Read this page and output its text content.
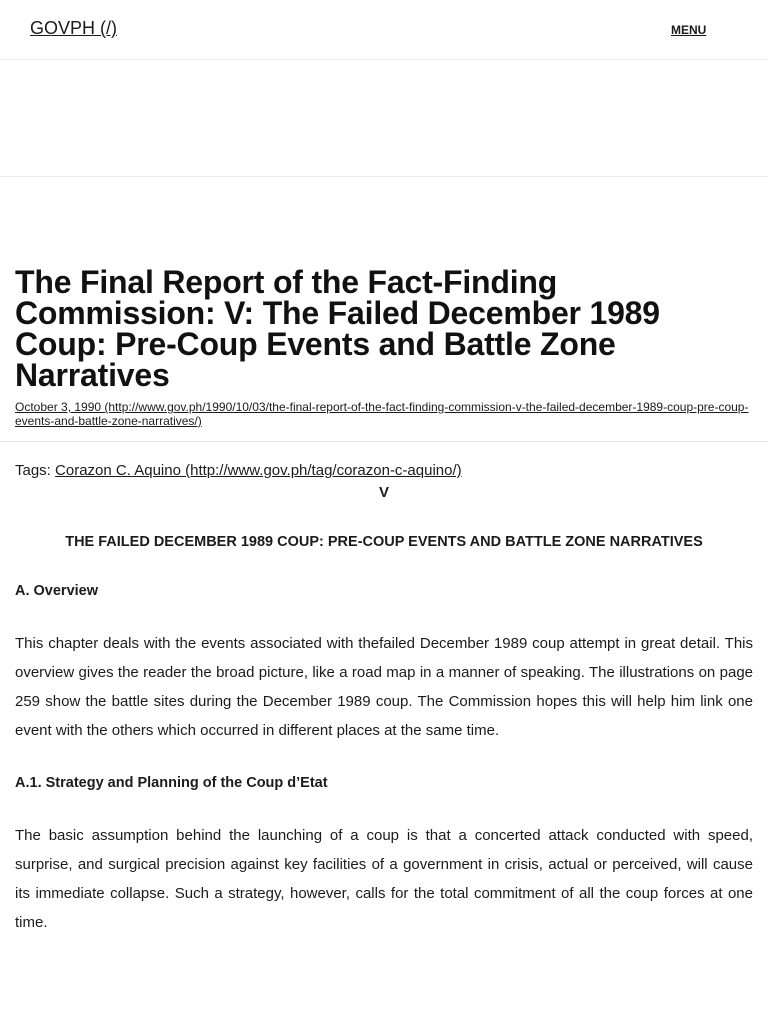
GOVPH (/)	MENU
The Final Report of the Fact-Finding Commission: V: The Failed December 1989 Coup: Pre-Coup Events and Battle Zone Narratives
October 3, 1990 (http://www.gov.ph/1990/10/03/the-final-report-of-the-fact-finding-commission-v-the-failed-december-1989-coup-pre-coup-events-and-battle-zone-narratives/)

Tags: Corazon C. Aquino (http://www.gov.ph/tag/corazon-c-aquino/)

V

THE FAILED DECEMBER 1989 COUP: PRE-COUP EVENTS AND BATTLE ZONE NARRATIVES

A. Overview

This chapter deals with the events associated with thefailed December 1989 coup attempt in great detail. This overview gives the reader the broad picture, like a road map in a manner of speaking. The illustrations on page 259 show the battle sites during the December 1989 coup. The Commission hopes this will help him link one event with the others which occurred in different places at the same time.

A.1. Strategy and Planning of the Coup d’Etat

The basic assumption behind the launching of a coup is that a concerted attack conducted with speed, surprise, and surgical precision against key facilities of a government in crisis, actual or perceived, will cause its immediate collapse. Such a strategy, however, calls for the total commitment of all the coup forces at one time.
